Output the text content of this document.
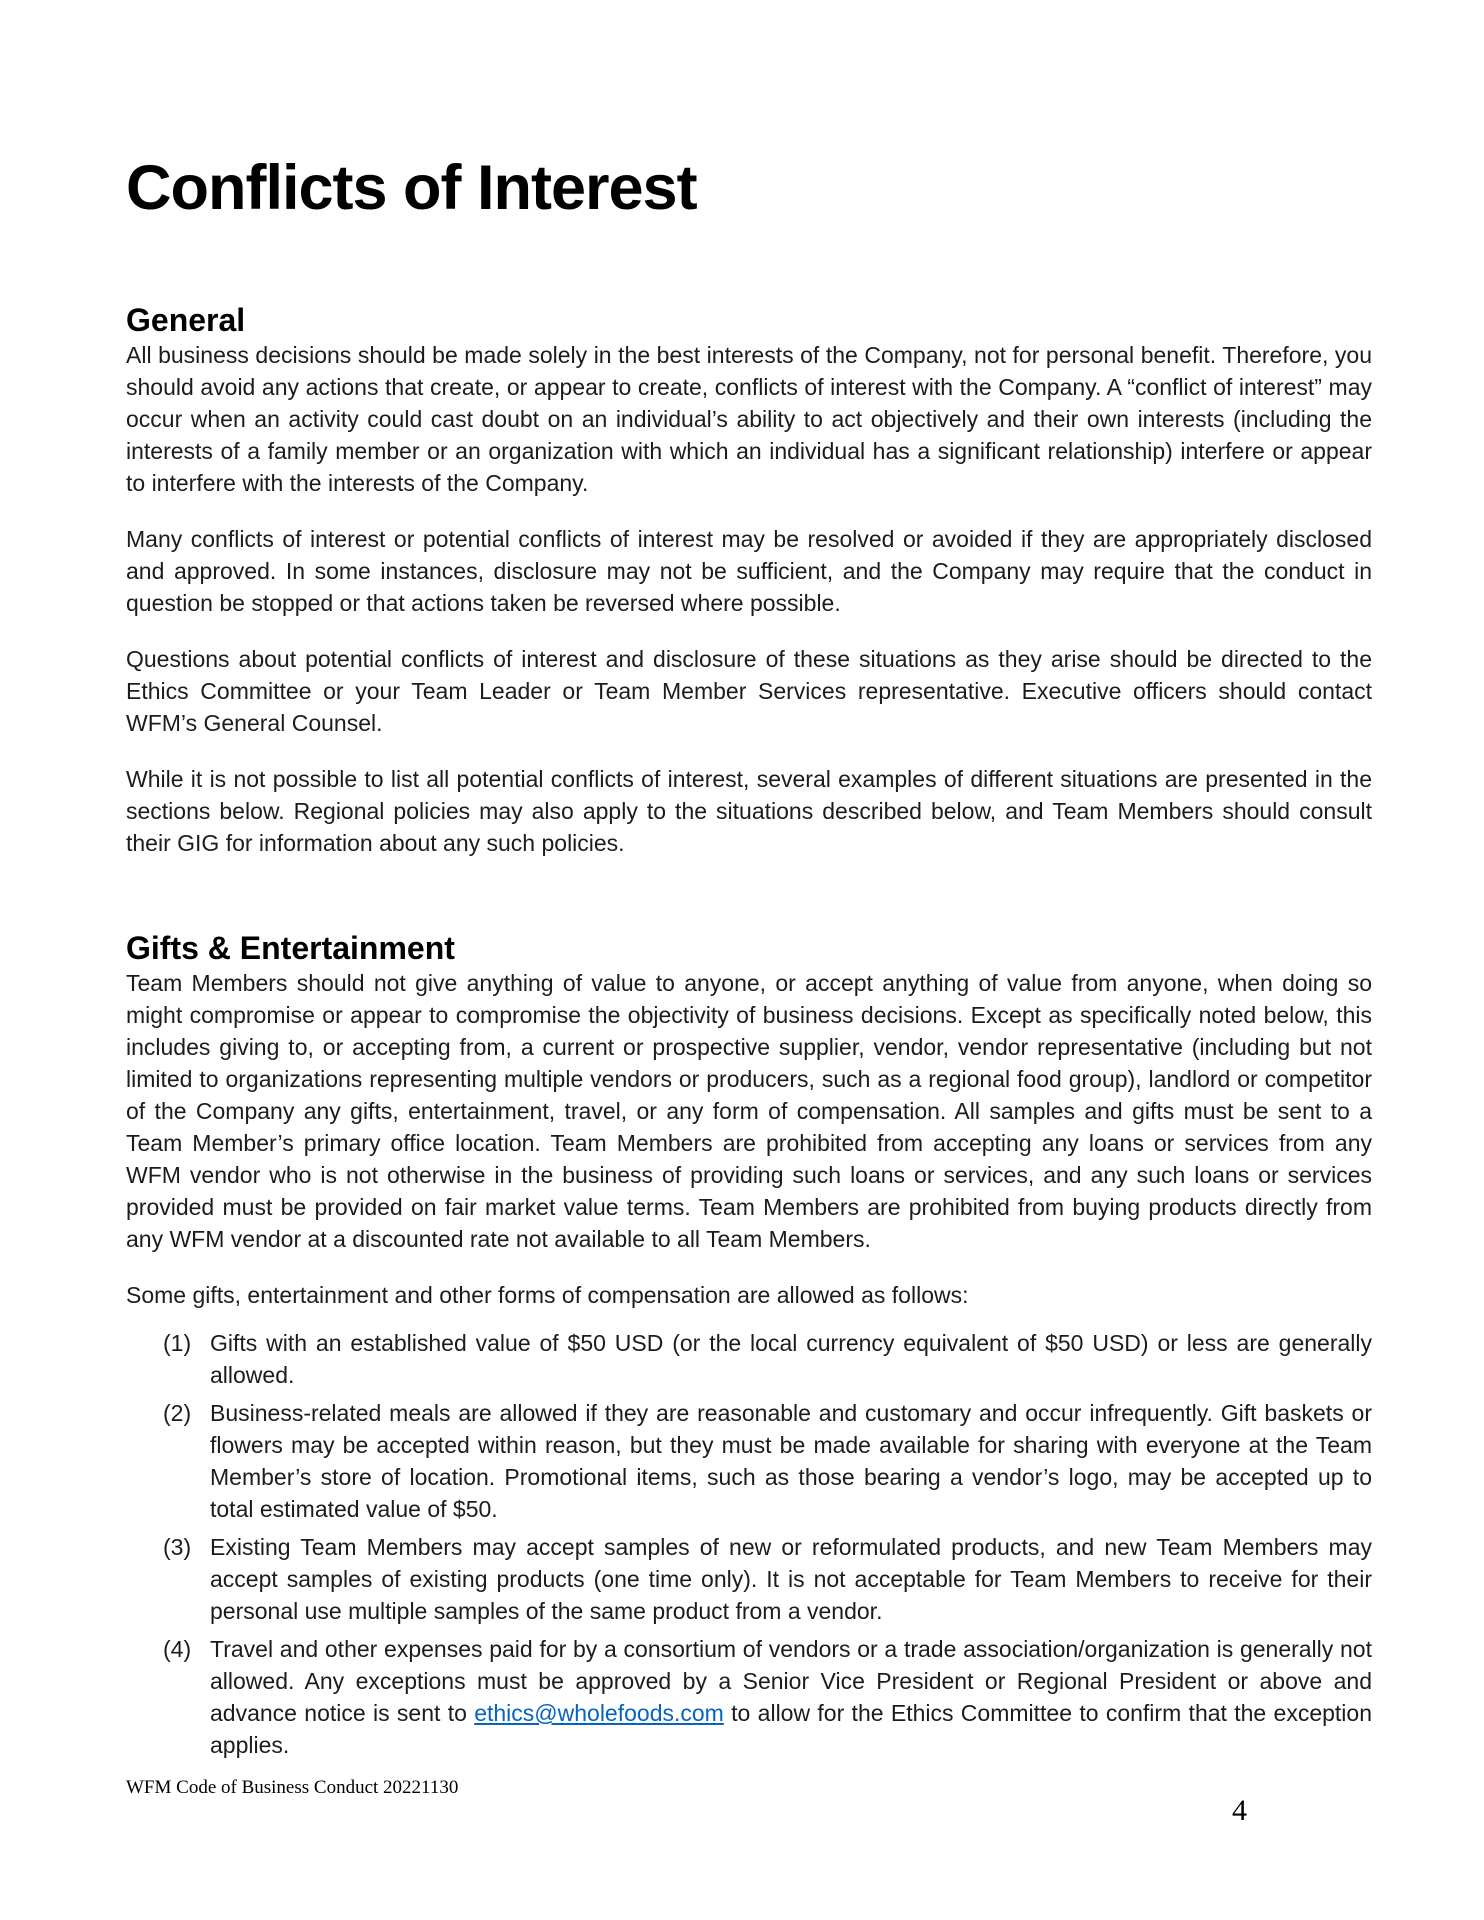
Conflicts of Interest
General

All business decisions should be made solely in the best interests of the Company, not for personal benefit. Therefore, you should avoid any actions that create, or appear to create, conflicts of interest with the Company. A “conflict of interest” may occur when an activity could cast doubt on an individual’s ability to act objectively and their own interests (including the interests of a family member or an organization with which an individual has a significant relationship) interfere or appear to interfere with the interests of the Company.

Many conflicts of interest or potential conflicts of interest may be resolved or avoided if they are appropriately disclosed and approved. In some instances, disclosure may not be sufficient, and the Company may require that the conduct in question be stopped or that actions taken be reversed where possible.

Questions about potential conflicts of interest and disclosure of these situations as they arise should be directed to the Ethics Committee or your Team Leader or Team Member Services representative. Executive officers should contact WFM’s General Counsel.

While it is not possible to list all potential conflicts of interest, several examples of different situations are presented in the sections below. Regional policies may also apply to the situations described below, and Team Members should consult their GIG for information about any such policies.

Gifts & Entertainment

Team Members should not give anything of value to anyone, or accept anything of value from anyone, when doing so might compromise or appear to compromise the objectivity of business decisions. Except as specifically noted below, this includes giving to, or accepting from, a current or prospective supplier, vendor, vendor representative (including but not limited to organizations representing multiple vendors or producers, such as a regional food group), landlord or competitor of the Company any gifts, entertainment, travel, or any form of compensation. All samples and gifts must be sent to a Team Member’s primary office location. Team Members are prohibited from accepting any loans or services from any WFM vendor who is not otherwise in the business of providing such loans or services, and any such loans or services provided must be provided on fair market value terms. Team Members are prohibited from buying products directly from any WFM vendor at a discounted rate not available to all Team Members.

Some gifts, entertainment and other forms of compensation are allowed as follows:

(1) Gifts with an established value of $50 USD (or the local currency equivalent of $50 USD) or less are generally allowed.
(2) Business-related meals are allowed if they are reasonable and customary and occur infrequently. Gift baskets or flowers may be accepted within reason, but they must be made available for sharing with everyone at the Team Member’s store of location. Promotional items, such as those bearing a vendor’s logo, may be accepted up to total estimated value of $50.
(3) Existing Team Members may accept samples of new or reformulated products, and new Team Members may accept samples of existing products (one time only). It is not acceptable for Team Members to receive for their personal use multiple samples of the same product from a vendor.
(4) Travel and other expenses paid for by a consortium of vendors or a trade association/organization is generally not allowed. Any exceptions must be approved by a Senior Vice President or Regional President or above and advance notice is sent to ethics@wholefoods.com to allow for the Ethics Committee to confirm that the exception applies.
WFM Code of Business Conduct 20221130
4
